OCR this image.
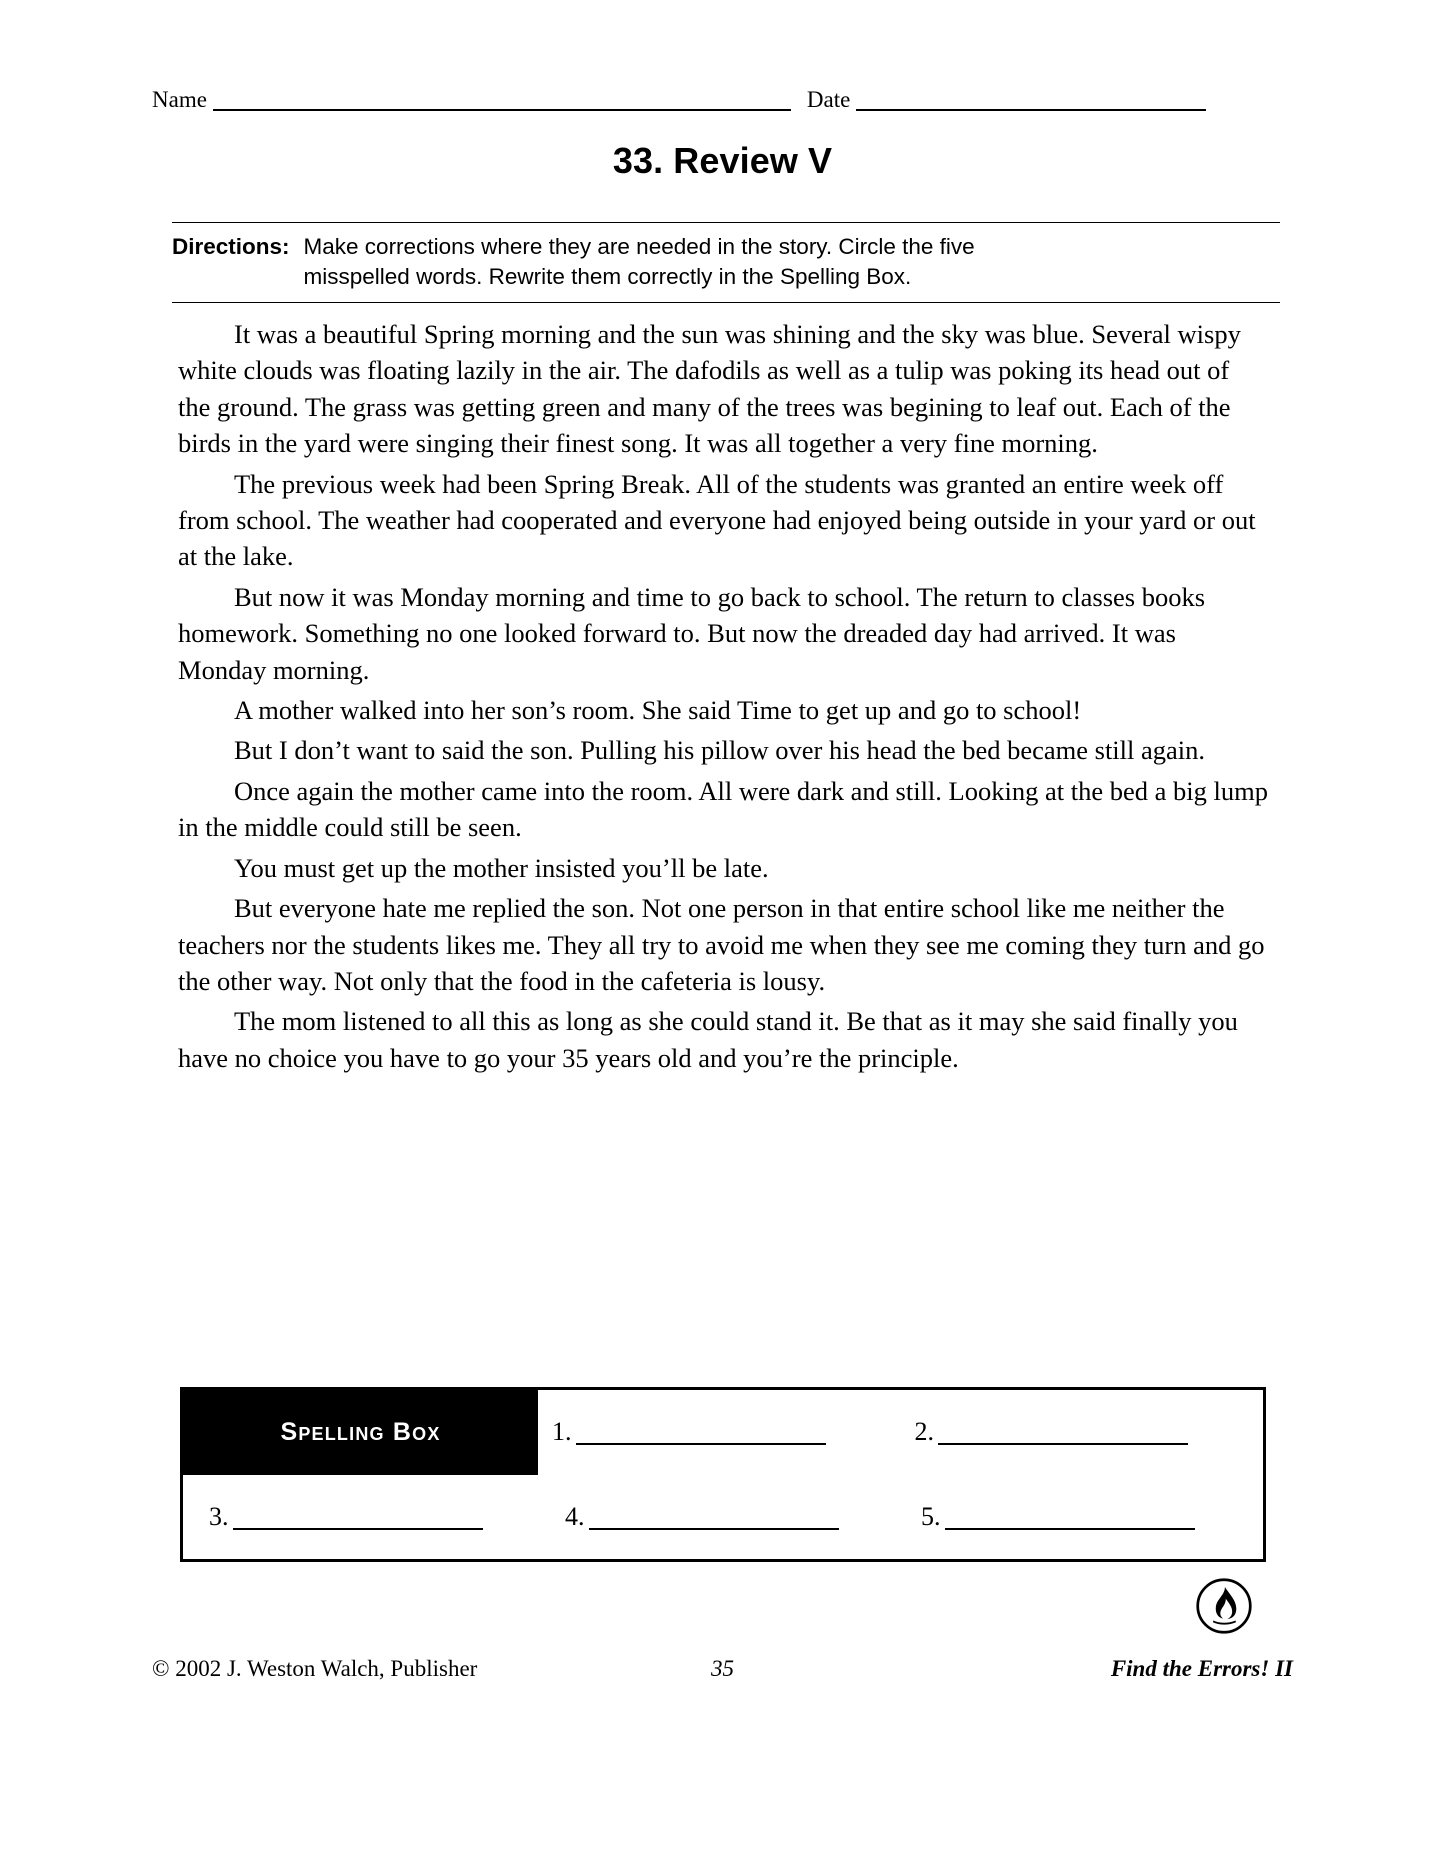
Name	Date
33. Review V
Directions: Make corrections where they are needed in the story. Circle the five
misspelled words. Rewrite them correctly in the Spelling Box.

It was a beautiful Spring morning and the sun was shining and the sky was blue. Several wispy white clouds was floating lazily in the air. The dafodils as well as a tulip was poking its head out of the ground. The grass was getting green and many of the trees was begining to leaf out. Each of the birds in the yard were singing their finest song. It was all together a very fine morning.

The previous week had been Spring Break. All of the students was granted an entire week off from school. The weather had cooperated and everyone had enjoyed being outside in your yard or out at the lake.

But now it was Monday morning and time to go back to school. The return to classes books homework. Something no one looked forward to. But now the dreaded day had arrived. It was Monday morning.

A mother walked into her son’s room. She said Time to get up and go to school!

But I don’t want to said the son. Pulling his pillow over his head the bed became still again.

Once again the mother came into the room. All were dark and still. Looking at the bed a big lump in the middle could still be seen.

You must get up the mother insisted you’ll be late.

But everyone hate me replied the son. Not one person in that entire school like me neither the teachers nor the students likes me. They all try to avoid me when they see me coming they turn and go the other way. Not only that the food in the cafeteria is lousy.

The mom listened to all this as long as she could stand it. Be that as it may she said finally you have no choice you have to go your 35 years old and you’re the principle.

Spelling Box	1.	2.
3.	4.	5.
© 2002 J. Weston Walch, Publisher	35	Find the Errors! II
